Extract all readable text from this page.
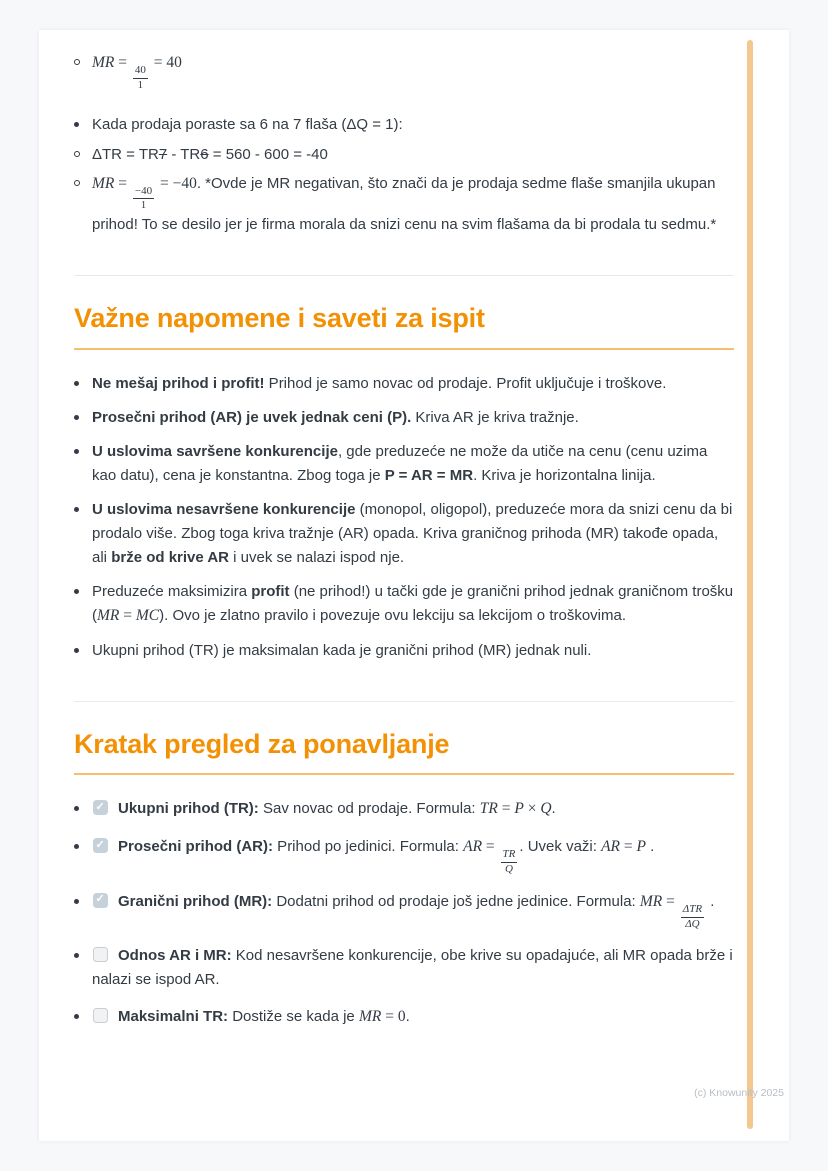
MR =
$\frac{40}{1}$
= 40
Kada prodaja poraste sa 6 na 7 flaša (ΔQ = 1):
ΔTR = TR7 - TR6 = 560 - 600 = -40
MR =
$\frac{-40}{1}$
= −40. *Ovde je MR negativan, što znači da je prodaja sedme flaše smanjila ukupan prihod! To se desilo jer je firma morala da snizi cenu na svim flašama da bi prodala tu sedmu.*
Važne napomene i saveti za ispit
Ne mešaj prihod i profit! Prihod je samo novac od prodaje. Profit uključuje i troškove.
Prosečni prihod (AR) je uvek jednak ceni (P). Kriva AR je kriva tražnje.
U uslovima savršene konkurencije, gde preduzeće ne može da utiče na cenu (cenu uzima kao datu), cena je konstantna. Zbog toga je P = AR = MR. Kriva je horizontalna linija.
U uslovima nesavršene konkurencije (monopol, oligopol), preduzeće mora da snizi cenu da bi prodalo više. Zbog toga kriva tražnje (AR) opada. Kriva graničnog prihoda (MR) takođe opada, ali brže od krive AR i uvek se nalazi ispod nje.
Preduzeće maksimizira profit (ne prihod!) u tački gde je granični prihod jednak graničnom trošku (MR = MC). Ovo je zlatno pravilo i povezuje ovu lekciju sa lekcijom o troškovima.
Ukupni prihod (TR) je maksimalan kada je granični prihod (MR) jednak nuli.
Kratak pregled za ponavljanje
✓Ukupni prihod (TR): Sav novac od prodaje. Formula: TR = P × Q.
✓Prosečni prihod (AR): Prihod po jedinici. Formula: AR =
$\frac{TR}{Q}$
. Uvek važi: AR = P .
✓Granični prihod (MR): Dodatni prihod od prodaje još jedne jedinice. Formula: MR =
$\frac{\text{ΔTR}}{\Delta Q}$
.
Odnos AR i MR: Kod nesavršene konkurencije, obe krive su opadajuće, ali MR opada brže i nalazi se ispod AR.
Maksimalni TR: Dostiže se kada je MR = 0.
(c) Knowunity 2025
